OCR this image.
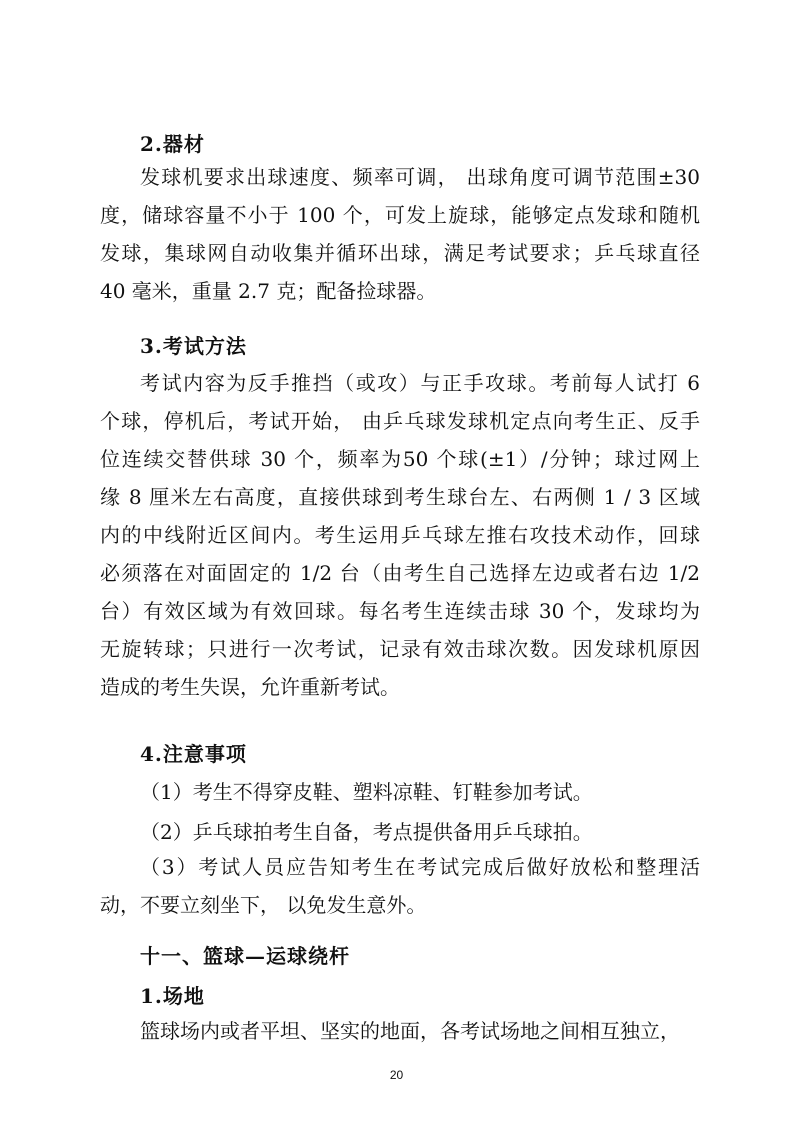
2.器材
发球机要求出球速度、频率可调， 出球角度可调节范围±30
度，储球容量不小于 100 个，可发上旋球，能够定点发球和随机
发球，集球网自动收集并循环出球，满足考试要求；乒乓球直径
40 毫米，重量 2.7 克；配备捡球器。
3.考试方法
考试内容为反手推挡（或攻）与正手攻球。考前每人试打 6
个球，停机后，考试开始， 由乒乓球发球机定点向考生正、反手
位连续交替供球 30 个，频率为50 个球(±1）/分钟；球过网上
缘 8 厘米左右高度，直接供球到考生球台左、右两侧 1 / 3 区域
内的中线附近区间内。考生运用乒乓球左推右攻技术动作，回球
必须落在对面固定的 1/2 台（由考生自己选择左边或者右边 1/2
台）有效区域为有效回球。每名考生连续击球 30 个，发球均为
无旋转球；只进行一次考试，记录有效击球次数。因发球机原因
造成的考生失误，允许重新考试。
4.注意事项
（1）考生不得穿皮鞋、塑料凉鞋、钉鞋参加考试。
（2）乒乓球拍考生自备，考点提供备用乒乓球拍。
（3）考试人员应告知考生在考试完成后做好放松和整理活
动，不要立刻坐下， 以免发生意外。
十一、篮球—运球绕杆
1.场地
篮球场内或者平坦、坚实的地面，各考试场地之间相互独立，
20
